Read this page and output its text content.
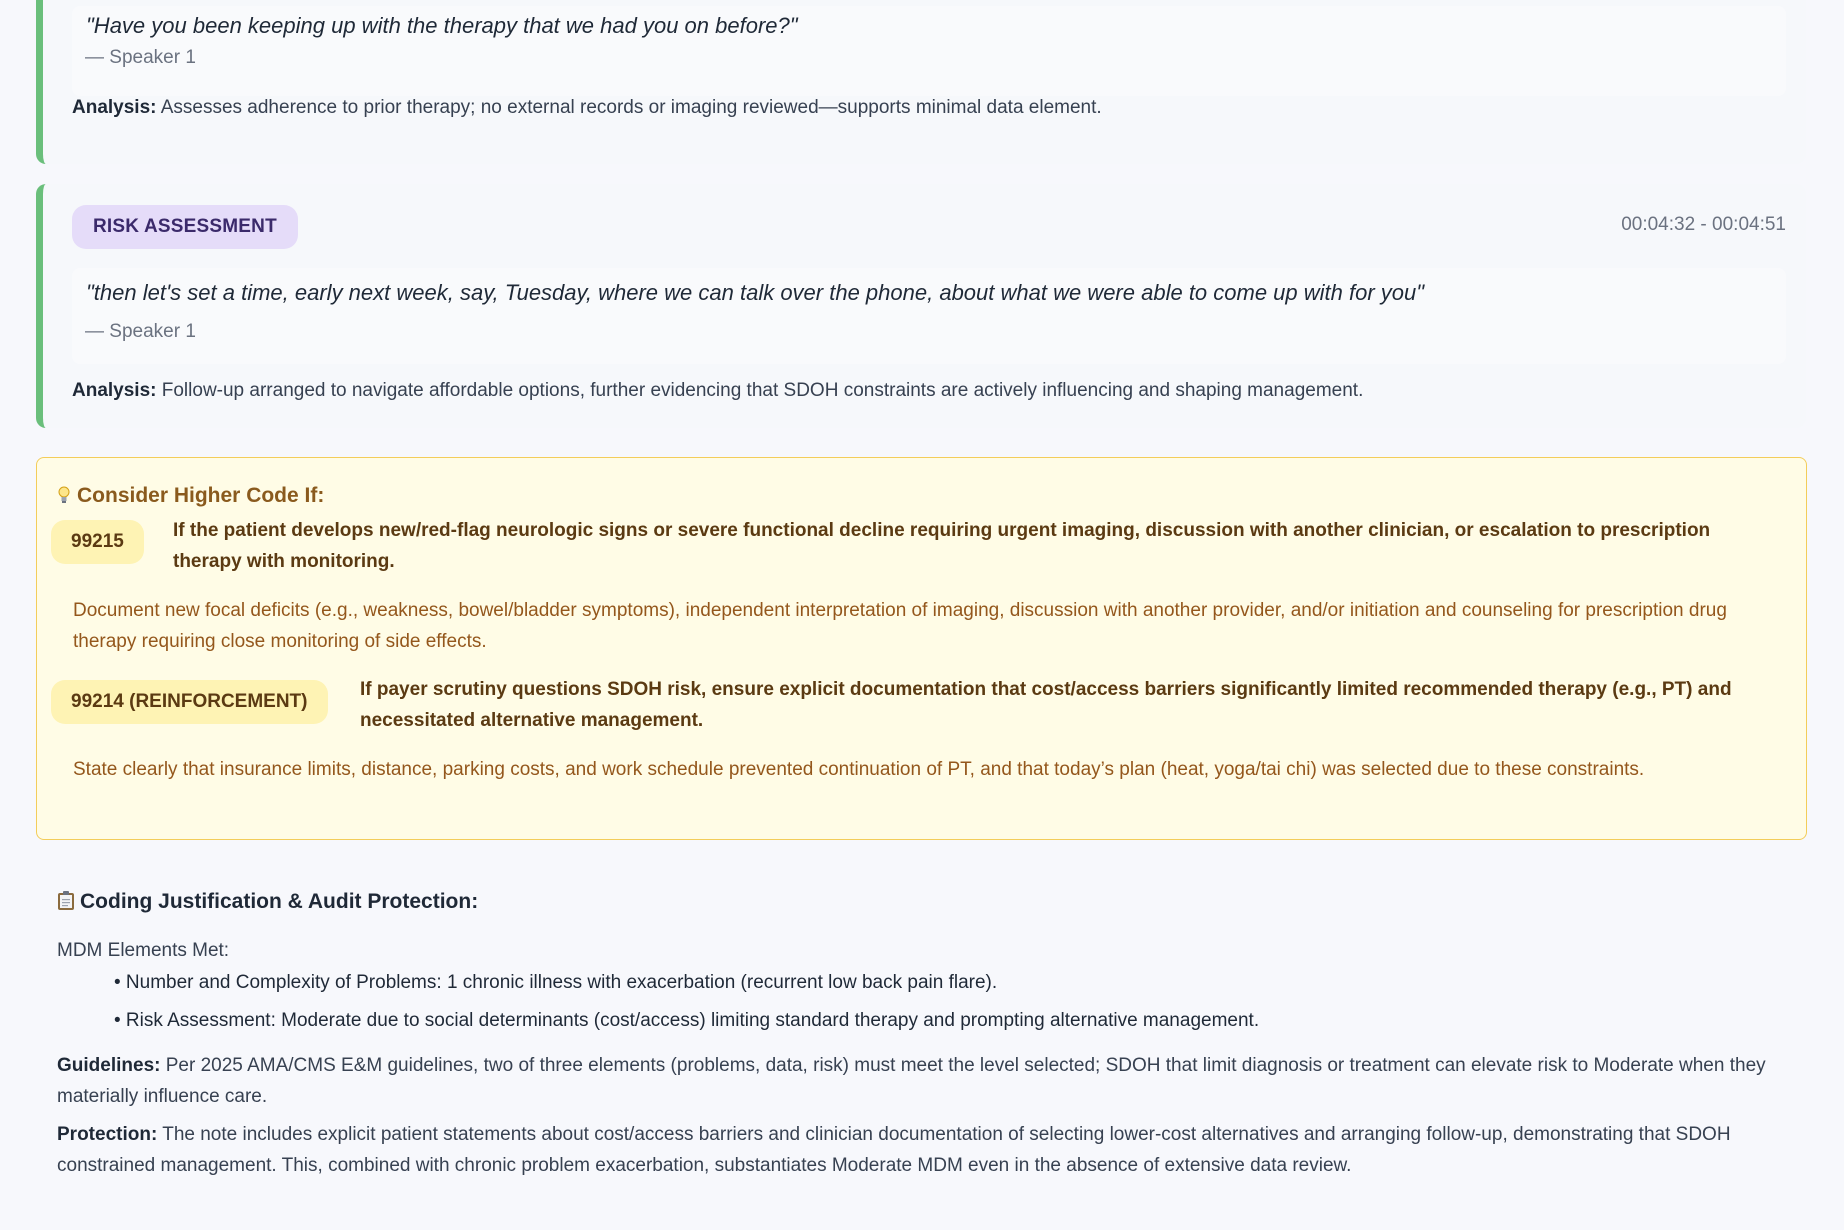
"Have you been keeping up with the therapy that we had you on before?"
— Speaker 1
Analysis: Assesses adherence to prior therapy; no external records or imaging reviewed—supports minimal data element.
RISK ASSESSMENT	00:04:32 - 00:04:51
"then let's set a time, early next week, say, Tuesday, where we can talk over the phone, about what we were able to come up with for you"
— Speaker 1
Analysis: Follow-up arranged to navigate affordable options, further evidencing that SDOH constraints are actively influencing and shaping management.
Consider Higher Code If:
99215
If the patient develops new/red-flag neurologic signs or severe functional decline requiring urgent imaging, discussion with another clinician, or escalation to prescription therapy with monitoring.
Document new focal deficits (e.g., weakness, bowel/bladder symptoms), independent interpretation of imaging, discussion with another provider, and/or initiation and counseling for prescription drug therapy requiring close monitoring of side effects.
99214 (REINFORCEMENT)
If payer scrutiny questions SDOH risk, ensure explicit documentation that cost/access barriers significantly limited recommended therapy (e.g., PT) and necessitated alternative management.
State clearly that insurance limits, distance, parking costs, and work schedule prevented continuation of PT, and that today’s plan (heat, yoga/tai chi) was selected due to these constraints.
Coding Justification & Audit Protection:
MDM Elements Met:
• Number and Complexity of Problems: 1 chronic illness with exacerbation (recurrent low back pain flare).
• Risk Assessment: Moderate due to social determinants (cost/access) limiting standard therapy and prompting alternative management.
Guidelines: Per 2025 AMA/CMS E&M guidelines, two of three elements (problems, data, risk) must meet the level selected; SDOH that limit diagnosis or treatment can elevate risk to Moderate when they materially influence care.
Protection: The note includes explicit patient statements about cost/access barriers and clinician documentation of selecting lower-cost alternatives and arranging follow-up, demonstrating that SDOH constrained management. This, combined with chronic problem exacerbation, substantiates Moderate MDM even in the absence of extensive data review.
